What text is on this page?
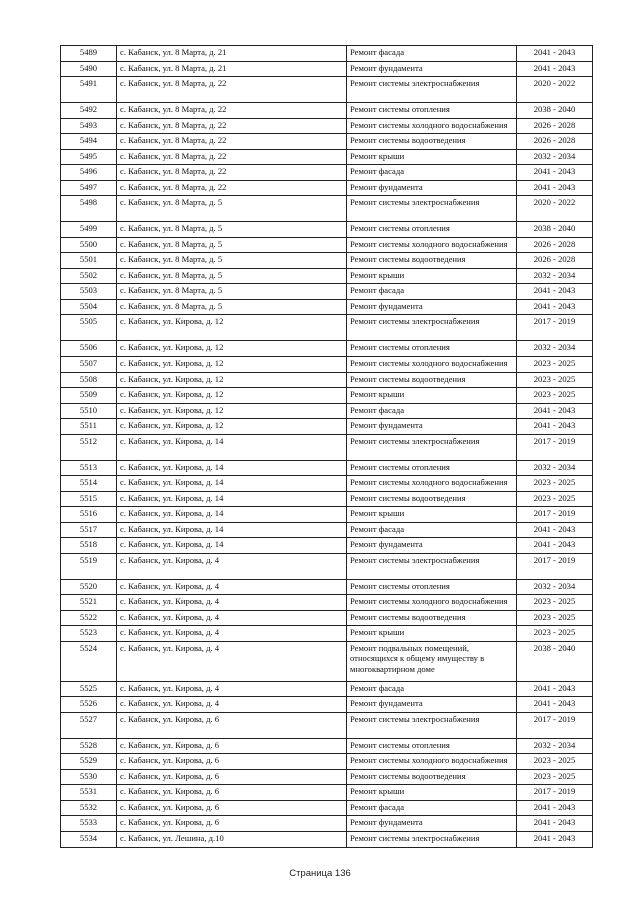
5489	с. Кабанск, ул. 8 Марта, д. 21	Ремонт фасада	2041 - 2043
5490	с. Кабанск, ул. 8 Марта, д. 21	Ремонт фундамента	2041 - 2043
5491	с. Кабанск, ул. 8 Марта, д. 22	Ремонт системы электроснабжения	2020 - 2022
5492	с. Кабанск, ул. 8 Марта, д. 22	Ремонт системы отопления	2038 - 2040
5493	с. Кабанск, ул. 8 Марта, д. 22	Ремонт системы холодного водоснабжения	2026 - 2028
5494	с. Кабанск, ул. 8 Марта, д. 22	Ремонт системы водоотведения	2026 - 2028
5495	с. Кабанск, ул. 8 Марта, д. 22	Ремонт крыши	2032 - 2034
5496	с. Кабанск, ул. 8 Марта, д. 22	Ремонт фасада	2041 - 2043
5497	с. Кабанск, ул. 8 Марта, д. 22	Ремонт фундамента	2041 - 2043
5498	с. Кабанск, ул. 8 Марта, д. 5	Ремонт системы электроснабжения	2020 - 2022
5499	с. Кабанск, ул. 8 Марта, д. 5	Ремонт системы отопления	2038 - 2040
5500	с. Кабанск, ул. 8 Марта, д. 5	Ремонт системы холодного водоснабжения	2026 - 2028
5501	с. Кабанск, ул. 8 Марта, д. 5	Ремонт системы водоотведения	2026 - 2028
5502	с. Кабанск, ул. 8 Марта, д. 5	Ремонт крыши	2032 - 2034
5503	с. Кабанск, ул. 8 Марта, д. 5	Ремонт фасада	2041 - 2043
5504	с. Кабанск, ул. 8 Марта, д. 5	Ремонт фундамента	2041 - 2043
5505	с. Кабанск, ул. Кирова, д. 12	Ремонт системы электроснабжения	2017 - 2019
5506	с. Кабанск, ул. Кирова, д. 12	Ремонт системы отопления	2032 - 2034
5507	с. Кабанск, ул. Кирова, д. 12	Ремонт системы холодного водоснабжения	2023 - 2025
5508	с. Кабанск, ул. Кирова, д. 12	Ремонт системы водоотведения	2023 - 2025
5509	с. Кабанск, ул. Кирова, д. 12	Ремонт крыши	2023 - 2025
5510	с. Кабанск, ул. Кирова, д. 12	Ремонт фасада	2041 - 2043
5511	с. Кабанск, ул. Кирова, д. 12	Ремонт фундамента	2041 - 2043
5512	с. Кабанск, ул. Кирова, д. 14	Ремонт системы электроснабжения	2017 - 2019
5513	с. Кабанск, ул. Кирова, д. 14	Ремонт системы отопления	2032 - 2034
5514	с. Кабанск, ул. Кирова, д. 14	Ремонт системы холодного водоснабжения	2023 - 2025
5515	с. Кабанск, ул. Кирова, д. 14	Ремонт системы водоотведения	2023 - 2025
5516	с. Кабанск, ул. Кирова, д. 14	Ремонт крыши	2017 - 2019
5517	с. Кабанск, ул. Кирова, д. 14	Ремонт фасада	2041 - 2043
5518	с. Кабанск, ул. Кирова, д. 14	Ремонт фундамента	2041 - 2043
5519	с. Кабанск, ул. Кирова, д. 4	Ремонт системы электроснабжения	2017 - 2019
5520	с. Кабанск, ул. Кирова, д. 4	Ремонт системы отопления	2032 - 2034
5521	с. Кабанск, ул. Кирова, д. 4	Ремонт системы холодного водоснабжения	2023 - 2025
5522	с. Кабанск, ул. Кирова, д. 4	Ремонт системы водоотведения	2023 - 2025
5523	с. Кабанск, ул. Кирова, д. 4	Ремонт крыши	2023 - 2025
5524	с. Кабанск, ул. Кирова, д. 4	Ремонт подвальных помещений, относящихся к общему имуществу в многоквартирном доме	2038 - 2040
5525	с. Кабанск, ул. Кирова, д. 4	Ремонт фасада	2041 - 2043
5526	с. Кабанск, ул. Кирова, д. 4	Ремонт фундамента	2041 - 2043
5527	с. Кабанск, ул. Кирова, д. 6	Ремонт системы электроснабжения	2017 - 2019
5528	с. Кабанск, ул. Кирова, д. 6	Ремонт системы отопления	2032 - 2034
5529	с. Кабанск, ул. Кирова, д. 6	Ремонт системы холодного водоснабжения	2023 - 2025
5530	с. Кабанск, ул. Кирова, д. 6	Ремонт системы водоотведения	2023 - 2025
5531	с. Кабанск, ул. Кирова, д. 6	Ремонт крыши	2017 - 2019
5532	с. Кабанск, ул. Кирова, д. 6	Ремонт фасада	2041 - 2043
5533	с. Кабанск, ул. Кирова, д. 6	Ремонт фундамента	2041 - 2043
5534	с. Кабанск, ул. Лешина, д.10	Ремонт системы электроснабжения	2041 - 2043
Страница 136
